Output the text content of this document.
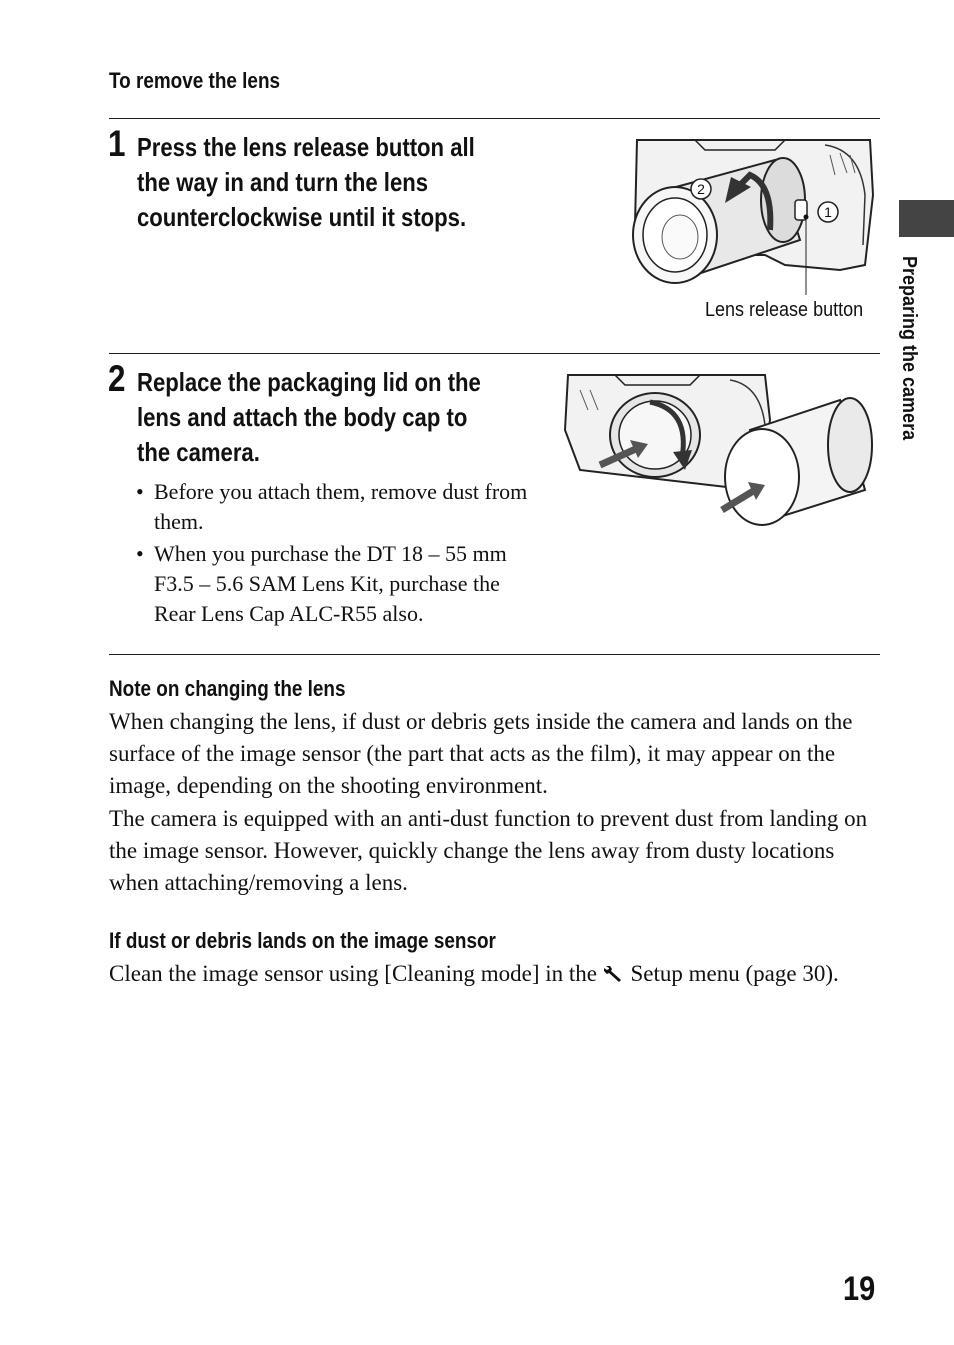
To remove the lens
1 Press the lens release button all
the way in and turn the lens
counterclockwise until it stops.
2
1
Lens release button
2 Replace the packaging lid on the
lens and attach the body cap to
the camera.
• Before you attach them, remove dust from them.
• When you purchase the DT 18 – 55 mm F3.5 – 5.6 SAM Lens Kit, purchase the Rear Lens Cap ALC-R55 also.
Note on changing the lens

When changing the lens, if dust or debris gets inside the camera and lands on the surface of the image sensor (the part that acts as the film), it may appear on the image, depending on the shooting environment.

The camera is equipped with an anti-dust function to prevent dust from landing on the image sensor. However, quickly change the lens away from dusty locations when attaching/removing a lens.

If dust or debris lands on the image sensor

Clean the image sensor using [Cleaning mode] in the  Setup menu (page 30).

Preparing the camera
19
